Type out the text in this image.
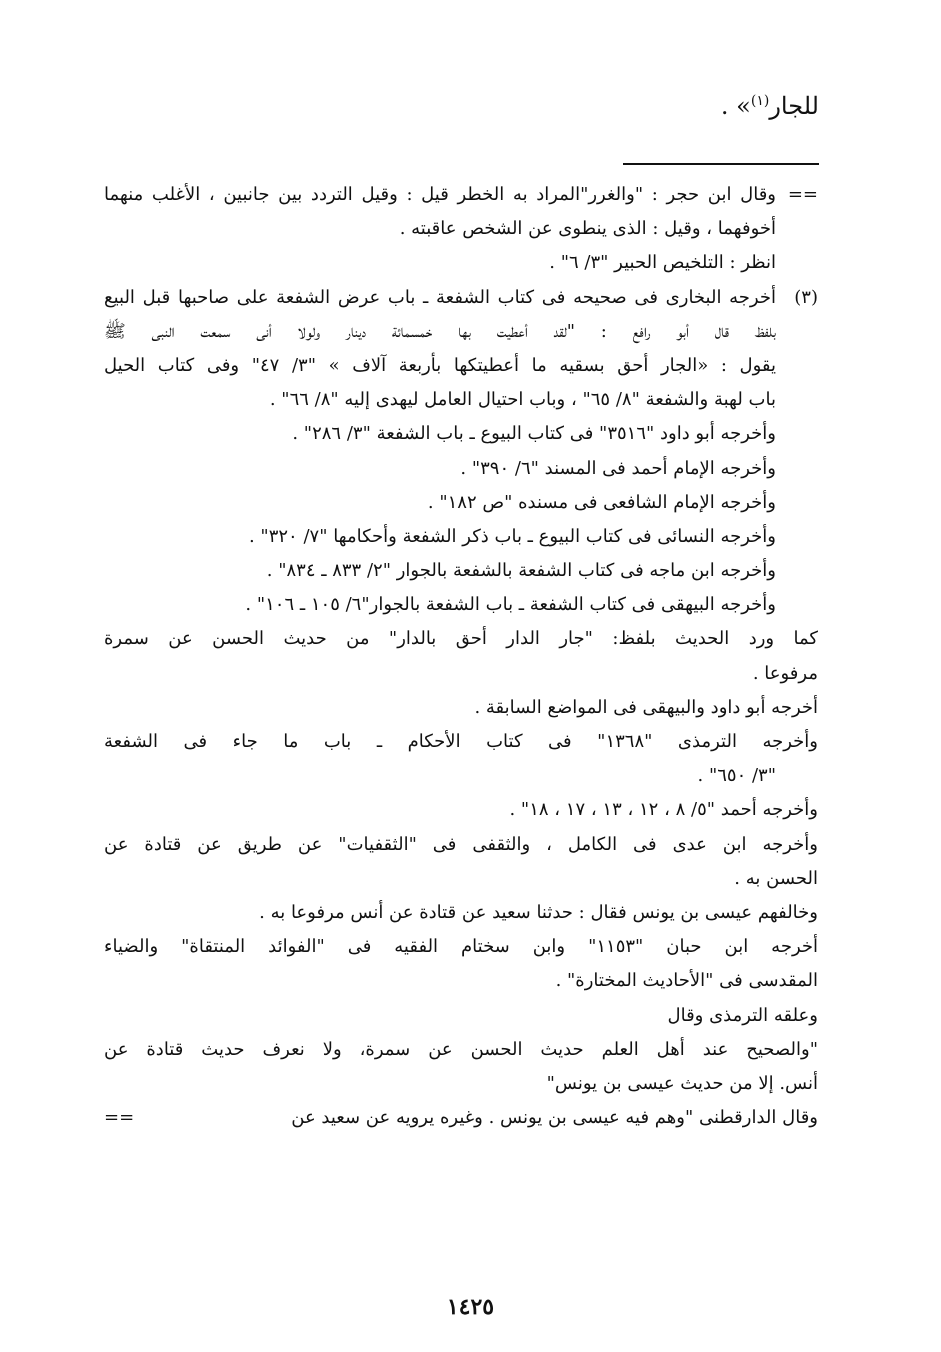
للجار$^{(١)}$» .
==
وقال ابن حجر : "والغرر"المراد به الخطر قيل : وقيل التردد بين جانبين ، الأغلب منهما
أخوفهما ، وقيل : الذى ينطوى عن الشخص عاقبته .
انظر : التلخيص الحبير "٣/ ٦" .
(٣)
أخرجه البخارى فى صحيحه فى كتاب الشفعة ـ باب عرض الشفعة على صاحبها قبل البيع
بلفظ قال أبو رافع : "لقد أعطيت بها خمسمائة دينار ولولا أنى سمعت النبى ﷺ
يقول : «الجار أحق بسقيه ما أعطيتكها بأربعة آلاف » "٣/ ٤٧" وفى كتاب الحيل
باب لهبة والشفعة "٨/ ٦٥" ، وباب احتيال العامل ليهدى إليه "٨/ ٦٦" .
وأخرجه أبو داود "٣٥١٦" فى كتاب البيوع ـ باب الشفعة "٣/ ٢٨٦" .
وأخرجه الإمام أحمد فى المسند "٦/ ٣٩٠" .
وأخرجه الإمام الشافعى فى مسنده "ص ١٨٢" .
وأخرجه النسائى فى كتاب البيوع ـ باب ذكر الشفعة وأحكامها "٧/ ٣٢٠" .
وأخرجه ابن ماجه فى كتاب الشفعة بالشفعة بالجوار "٢/ ٨٣٣ ـ ٨٣٤" .
وأخرجه البيهقى فى كتاب الشفعة ـ باب الشفعة بالجوار"٦/ ١٠٥ ـ ١٠٦" .
كما ورد الحديث بلفظ: "جار الدار أحق بالدار" من حديث الحسن عن سمرة
مرفوعا .
أخرجه أبو داود والبيهقى فى المواضع السابقة .
وأخرجه الترمذى "١٣٦٨" فى كتاب الأحكام ـ باب ما جاء فى الشفعة
"٣/ ٦٥٠" .
وأخرجه أحمد "٥/ ٨ ، ١٢ ، ١٣ ، ١٧ ، ١٨" .
وأخرجه ابن عدى فى الكامل ، والثقفى فى "الثقفيات" عن طريق عن قتادة عن
الحسن به .
وخالفهم عيسى بن يونس فقال : حدثنا سعيد عن قتادة عن أنس مرفوعا به .
أخرجه ابن حبان "١١٥٣" وابن سختام الفقيه فى "الفوائد المنتقاة" والضياء
المقدسى فى "الأحاديث المختارة" .
وعلقه الترمذى وقال
"والصحيح عند أهل العلم حديث الحسن عن سمرة، ولا نعرف حديث قتادة عن
أنس. إلا من حديث عيسى بن يونس"
وقال الدارقطنى "وهم فيه عيسى بن يونس . وغيره يرويه عن سعيد عن
==
١٤٢٥
